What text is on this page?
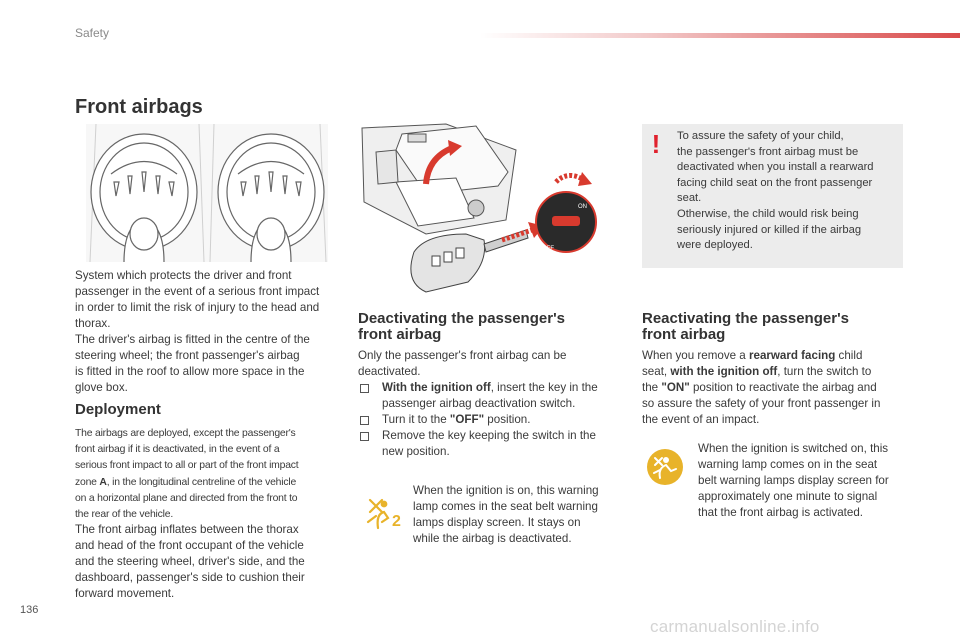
Safety
Front airbags
OFF
ON

System which protects the driver and front

passenger in the event of a serious front impact

in order to limit the risk of injury to the head and

thorax.

The driver's airbag is fitted in the centre of the

steering wheel; the front passenger's airbag

is fitted in the roof to allow more space in the

glove box.

Deployment

The airbags are deployed, except the passenger's

front airbag if it is deactivated, in the event of a

serious front impact to all or part of the front impact

zone A, in the longitudinal centreline of the vehicle

on a horizontal plane and directed from the front to

the rear of the vehicle.

The front airbag inflates between the thorax

and head of the front occupant of the vehicle

and the steering wheel, driver's side, and the

dashboard, passenger's side to cushion their

forward movement.

Deactivating the passenger's
front airbag

Only the passenger's front airbag can be

deactivated.

With the ignition off, insert the key in the
passenger airbag deactivation switch.
Turn it to the "OFF" position.
Remove the key keeping the switch in the
new position.
2

When the ignition is on, this warning

lamp comes in the seat belt warning

lamps display screen. It stays on

while the airbag is deactivated.

! To assure the safety of your child,
the passenger's front airbag must be
deactivated when you install a rearward
facing child seat on the front passenger
seat.
Otherwise, the child would risk being
seriously injured or killed if the airbag
were deployed.
Reactivating the passenger's
front airbag

When you remove a rearward facing child

seat, with the ignition off, turn the switch to

the "ON" position to reactivate the airbag and

so assure the safety of your front passenger in

the event of an impact.

When the ignition is switched on, this

warning lamp comes on in the seat

belt warning lamps display screen for

approximately one minute to signal

that the front airbag is activated.

136
carmanualsonline.info
